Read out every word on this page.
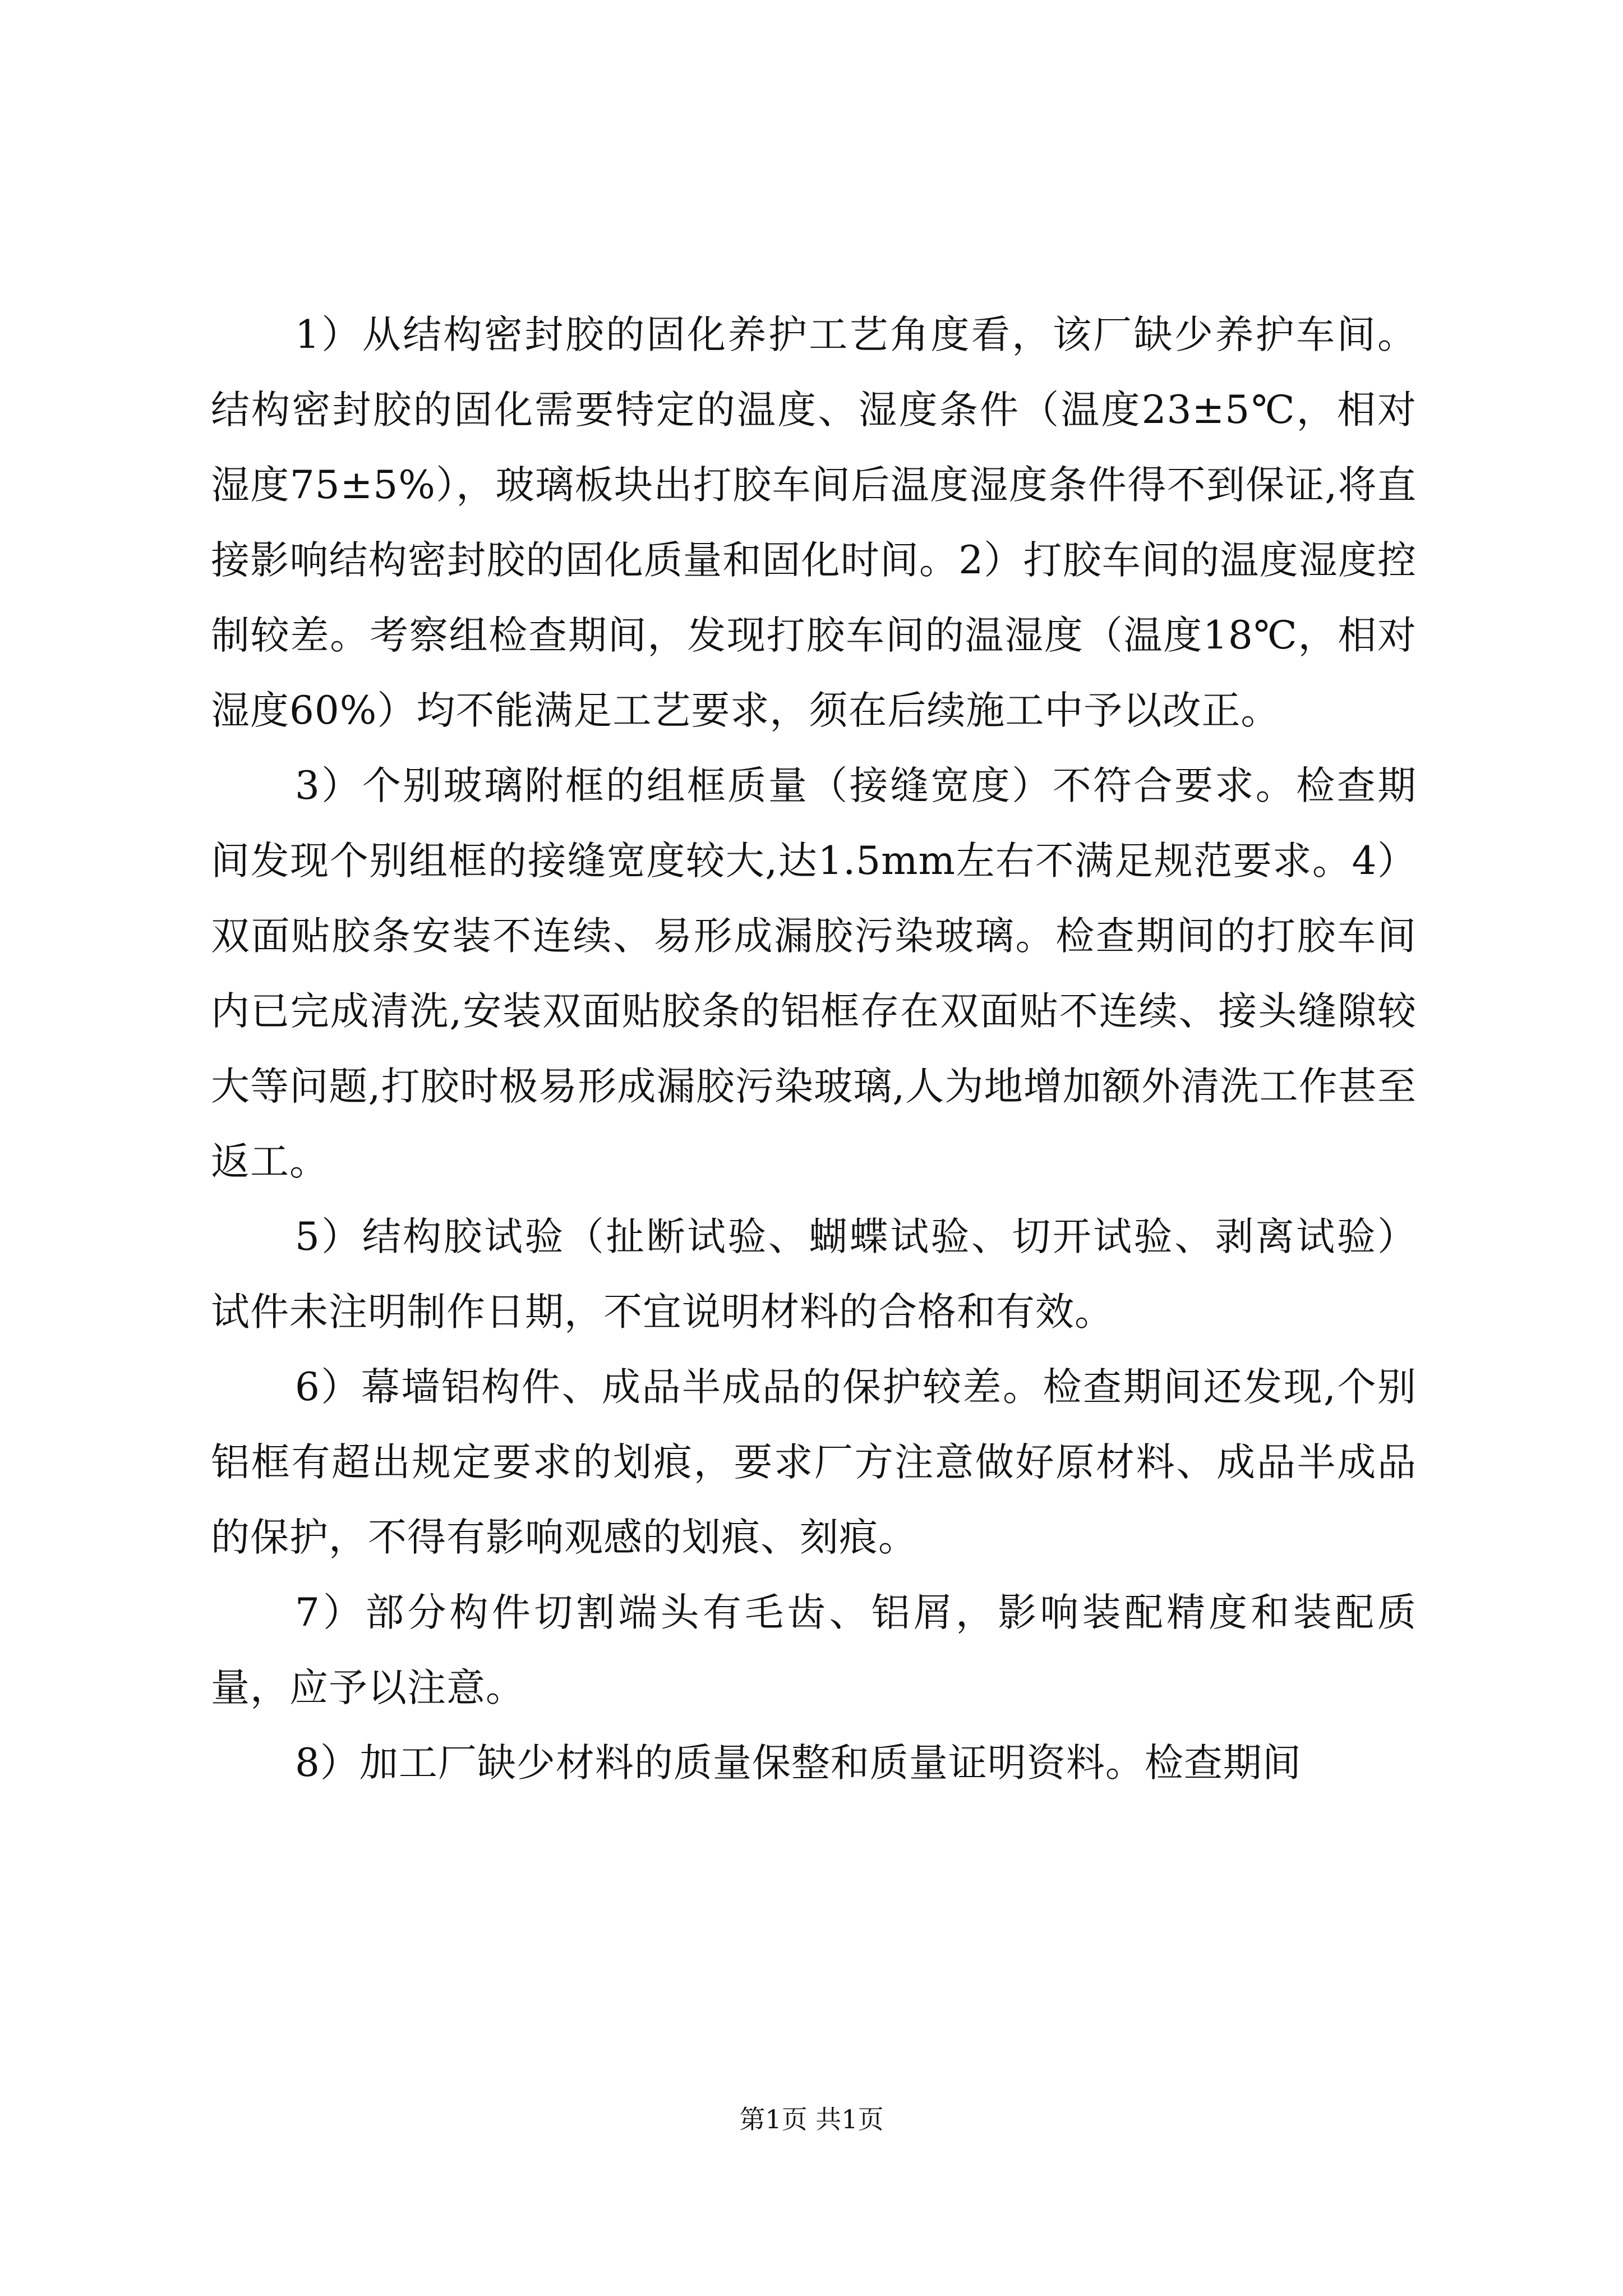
1）从结构密封胶的固化养护工艺角度看，该厂缺少养护车间。结构密封胶的固化需要特定的温度、湿度条件（温度23±5℃，相对湿度75±5%），玻璃板块出打胶车间后温度湿度条件得不到保证,将直接影响结构密封胶的固化质量和固化时间。2）打胶车间的温度湿度控制较差。考察组检查期间，发现打胶车间的温湿度（温度18℃，相对湿度60%）均不能满足工艺要求，须在后续施工中予以改正。

3）个别玻璃附框的组框质量（接缝宽度）不符合要求。检查期间发现个别组框的接缝宽度较大,达1.5mm左右不满足规范要求。4）双面贴胶条安装不连续、易形成漏胶污染玻璃。检查期间的打胶车间内已完成清洗,安装双面贴胶条的铝框存在双面贴不连续、接头缝隙较大等问题,打胶时极易形成漏胶污染玻璃,人为地增加额外清洗工作甚至返工。

5）结构胶试验（扯断试验、蝴蝶试验、切开试验、剥离试验）试件未注明制作日期，不宜说明材料的合格和有效。

6）幕墙铝构件、成品半成品的保护较差。检查期间还发现,个别铝框有超出规定要求的划痕，要求厂方注意做好原材料、成品半成品的保护，不得有影响观感的划痕、刻痕。

7）部分构件切割端头有毛齿、铝屑，影响装配精度和装配质量，应予以注意。

8）加工厂缺少材料的质量保整和质量证明资料。检查期间

第1页 共1页
